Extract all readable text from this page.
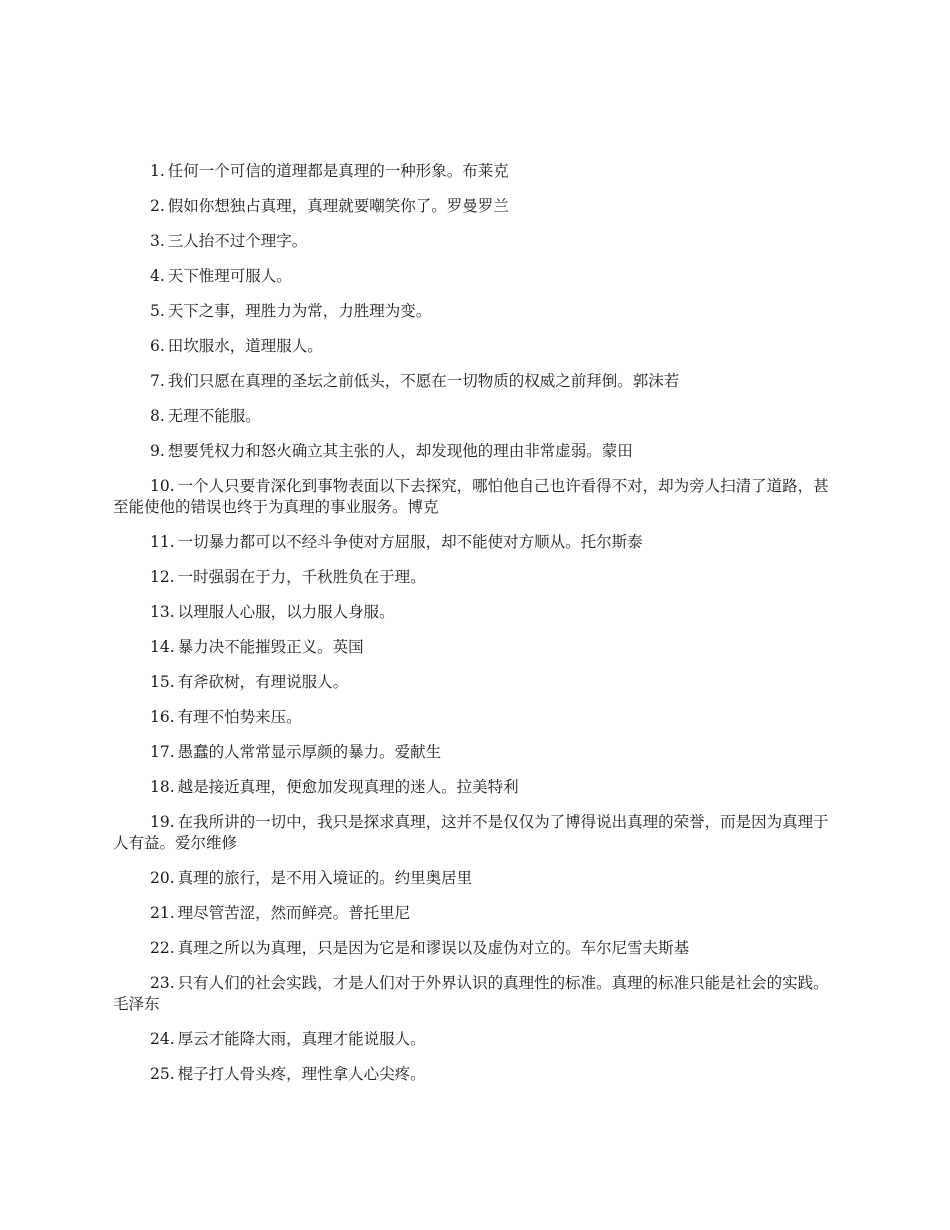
1. 任何一个可信的道理都是真理的一种形象。布莱克

2. 假如你想独占真理，真理就要嘲笑你了。罗曼罗兰

3. 三人抬不过个理字。

4. 天下惟理可服人。

5. 天下之事，理胜力为常，力胜理为变。

6. 田坎服水，道理服人。

7. 我们只愿在真理的圣坛之前低头，不愿在一切物质的权威之前拜倒。郭沫若

8. 无理不能服。

9. 想要凭权力和怒火确立其主张的人，却发现他的理由非常虚弱。蒙田

10. 一个人只要肯深化到事物表面以下去探究，哪怕他自己也许看得不对，却为旁人扫清了道路，甚至能使他的错误也终于为真理的事业服务。博克

11. 一切暴力都可以不经斗争使对方屈服，却不能使对方顺从。托尔斯泰

12. 一时强弱在于力，千秋胜负在于理。

13. 以理服人心服，以力服人身服。

14. 暴力决不能摧毁正义。英国

15. 有斧砍树，有理说服人。

16. 有理不怕势来压。

17. 愚蠢的人常常显示厚颜的暴力。爱献生

18. 越是接近真理，便愈加发现真理的迷人。拉美特利

19. 在我所讲的一切中，我只是探求真理，这并不是仅仅为了博得说出真理的荣誉，而是因为真理于人有益。爱尔维修

20. 真理的旅行，是不用入境证的。约里奥居里

21. 理尽管苦涩，然而鲜亮。普托里尼

22. 真理之所以为真理，只是因为它是和谬误以及虚伪对立的。车尔尼雪夫斯基

23. 只有人们的社会实践，才是人们对于外界认识的真理性的标准。真理的标准只能是社会的实践。毛泽东

24. 厚云才能降大雨，真理才能说服人。

25. 棍子打人骨头疼，理性拿人心尖疼。
